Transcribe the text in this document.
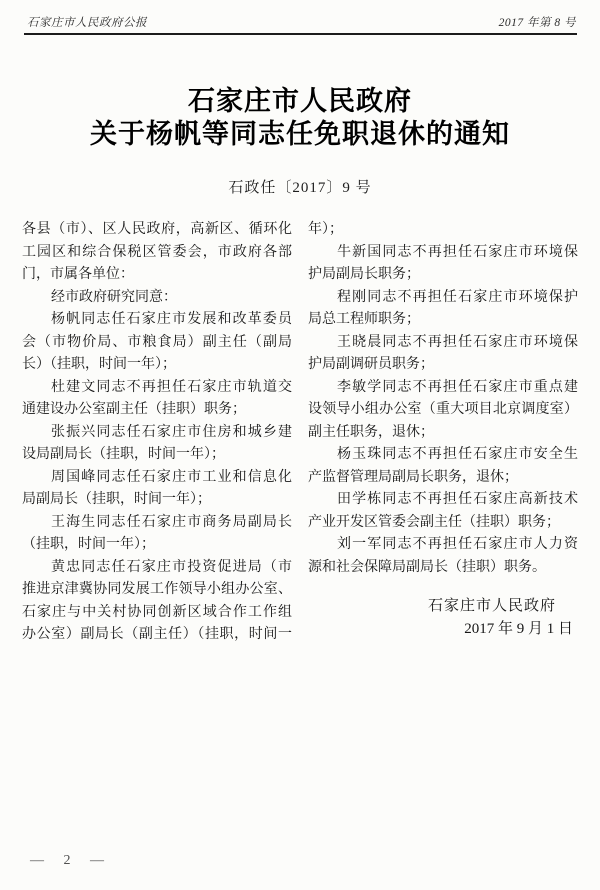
石家庄市人民政府公报	2017 年第 8 号
石家庄市人民政府
关于杨帆等同志任免职退休的通知
石政任〔2017〕9 号
各县（市）、区人民政府，高新区、循环化
工园区和综合保税区管委会，市政府各部
门，市属各单位：
经市政府研究同意：
杨帆同志任石家庄市发展和改革委员
会（市物价局、市粮食局）副主任（副局
长）（挂职，时间一年）；
杜建文同志不再担任石家庄市轨道交
通建设办公室副主任（挂职）职务；
张振兴同志任石家庄市住房和城乡建
设局副局长（挂职，时间一年）；
周国峰同志任石家庄市工业和信息化
局副局长（挂职，时间一年）；
王海生同志任石家庄市商务局副局长
（挂职，时间一年）；
黄忠同志任石家庄市投资促进局（市
推进京津冀协同发展工作领导小组办公室、
石家庄与中关村协同创新区域合作工作组
办公室）副局长（副主任）（挂职，时间一
年）；
牛新国同志不再担任石家庄市环境保
护局副局长职务；
程刚同志不再担任石家庄市环境保护
局总工程师职务；
王晓晨同志不再担任石家庄市环境保
护局副调研员职务；
李敏学同志不再担任石家庄市重点建
设领导小组办公室（重大项目北京调度室）
副主任职务，退休；
杨玉珠同志不再担任石家庄市安全生
产监督管理局副局长职务，退休；
田学栋同志不再担任石家庄高新技术
产业开发区管委会副主任（挂职）职务；
刘一军同志不再担任石家庄市人力资
源和社会保障局副局长（挂职）职务。
石家庄市人民政府
2017 年 9 月 1 日
— 2 —
